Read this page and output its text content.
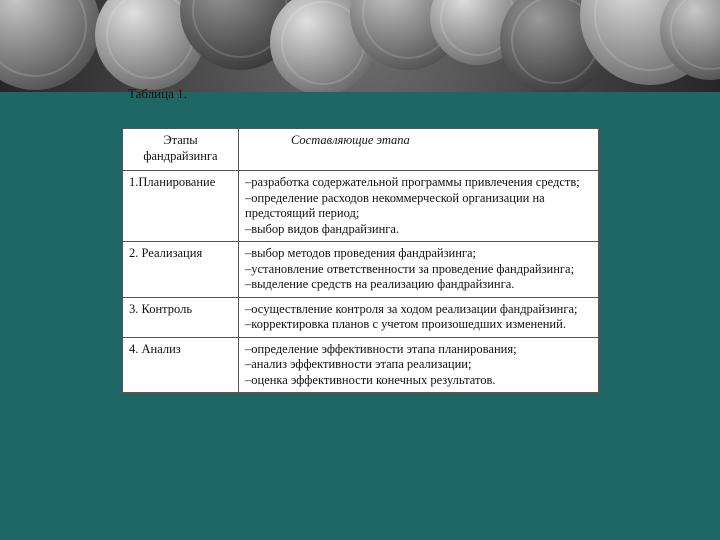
Таблица 1.
Этапы фандрайзинга	Составляющие этапа
1.Планирование	–разработка содержательной программы привлечения средств;
–определение расходов некоммерческой организации на предстоящий период;
–выбор видов фандрайзинга.

2. Реализация	–выбор методов проведения фандрайзинга;
–установление ответственности за проведение фандрайзинга;
–выделение средств на реализацию фандрайзинга.

3. Контроль	–осуществление контроля за ходом реализации фандрайзинга;
–корректировка планов с учетом произошедших изменений.

4. Анализ	–определение эффективности этапа планирования;
–анализ эффективности этапа реализации;
–оценка эффективности конечных результатов.
